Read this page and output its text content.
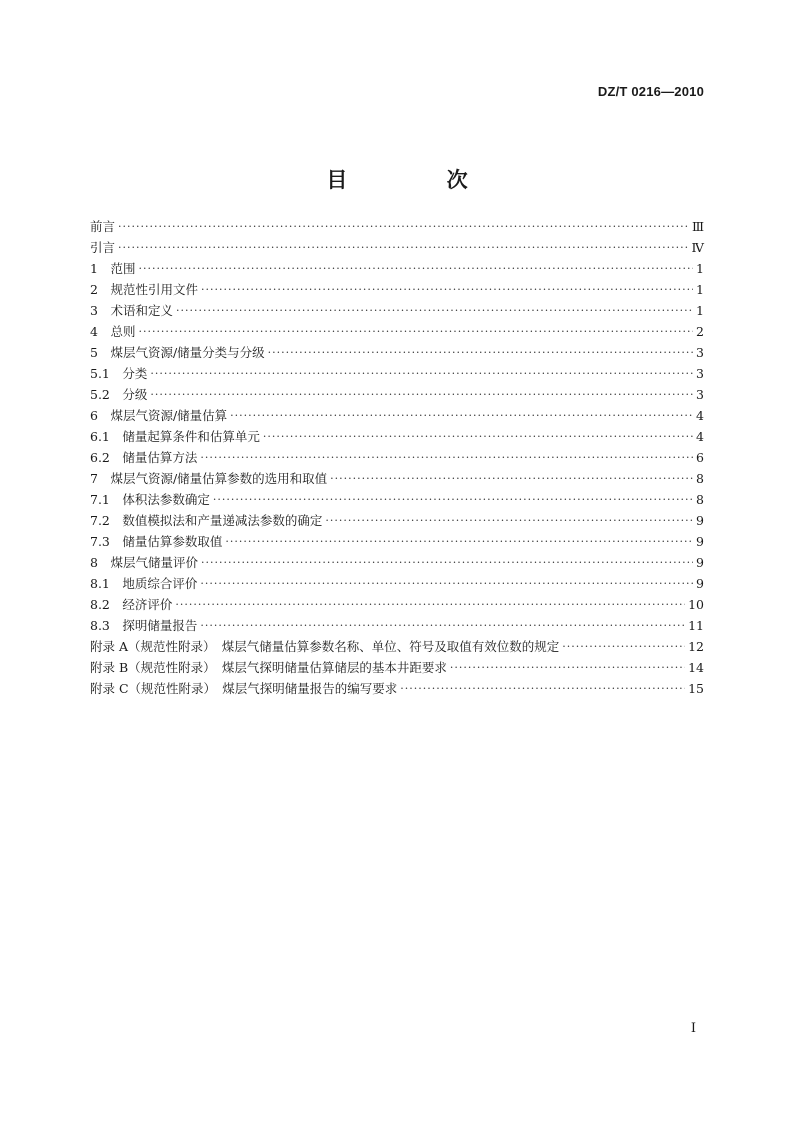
DZ/T 0216—2010
目 次
前言 ·····	Ⅲ
引言 ·····	Ⅳ
1　范围 ·····	1
2　规范性引用文件 ·····	1
3　术语和定义 ·····	1
4　总则 ·····	2
5　煤层气资源/储量分类与分级 ·····	3
5.1　分类 ·····	3
5.2　分级 ·····	3
6　煤层气资源/储量估算 ·····	4
6.1　储量起算条件和估算单元 ·····	4
6.2　储量估算方法 ·····	6
7　煤层气资源/储量估算参数的选用和取值 ·····	8
7.1　体积法参数确定 ·····	8
7.2　数值模拟法和产量递减法参数的确定 ·····	9
7.3　储量估算参数取值 ·····	9
8　煤层气储量评价 ·····	9
8.1　地质综合评价 ·····	9
8.2　经济评价 ·····	10
8.3　探明储量报告 ·····	11
附录 A（规范性附录）　煤层气储量估算参数名称、单位、符号及取值有效位数的规定 ·····	12
附录 B（规范性附录）　煤层气探明储量估算储层的基本井距要求 ·····	14
附录 C（规范性附录）　煤层气探明储量报告的编写要求 ·····	15
I
